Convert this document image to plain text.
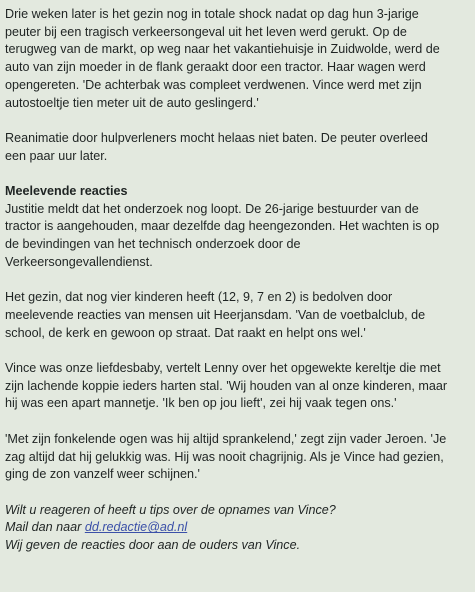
Drie weken later is het gezin nog in totale shock nadat op dag hun 3-jarige
peuter bij een tragisch verkeersongeval uit het leven werd gerukt. Op de
terugweg van de markt, op weg naar het vakantiehuisje in Zuidwolde, werd de
auto van zijn moeder in de flank geraakt door een tractor. Haar wagen werd
opengereten. 'De achterbak was compleet verdwenen. Vince werd met zijn
autostoeltje tien meter uit de auto geslingerd.'

Reanimatie door hulpverleners mocht helaas niet baten. De peuter overleed
een paar uur later.

Meelevende reacties

Justitie meldt dat het onderzoek nog loopt. De 26-jarige bestuurder van de
tractor is aangehouden, maar dezelfde dag heengezonden. Het wachten is op
de bevindingen van het technisch onderzoek door de
Verkeersongevallendienst.

Het gezin, dat nog vier kinderen heeft (12, 9, 7 en 2) is bedolven door
meelevende reacties van mensen uit Heerjansdam. 'Van de voetbalclub, de
school, de kerk en gewoon op straat. Dat raakt en helpt ons wel.'

Vince was onze liefdesbaby, vertelt Lenny over het opgewekte kereltje die met
zijn lachende koppie ieders harten stal. 'Wij houden van al onze kinderen, maar
hij was een apart mannetje. 'Ik ben op jou lieft', zei hij vaak tegen ons.'

'Met zijn fonkelende ogen was hij altijd sprankelend,' zegt zijn vader Jeroen. 'Je
zag altijd dat hij gelukkig was. Hij was nooit chagrijnig. Als je Vince had gezien,
ging de zon vanzelf weer schijnen.'

Wilt u reageren of heeft u tips over de opnames van Vince?

Mail dan naar dd.redactie@ad.nl

Wij geven de reacties door aan de ouders van Vince.
